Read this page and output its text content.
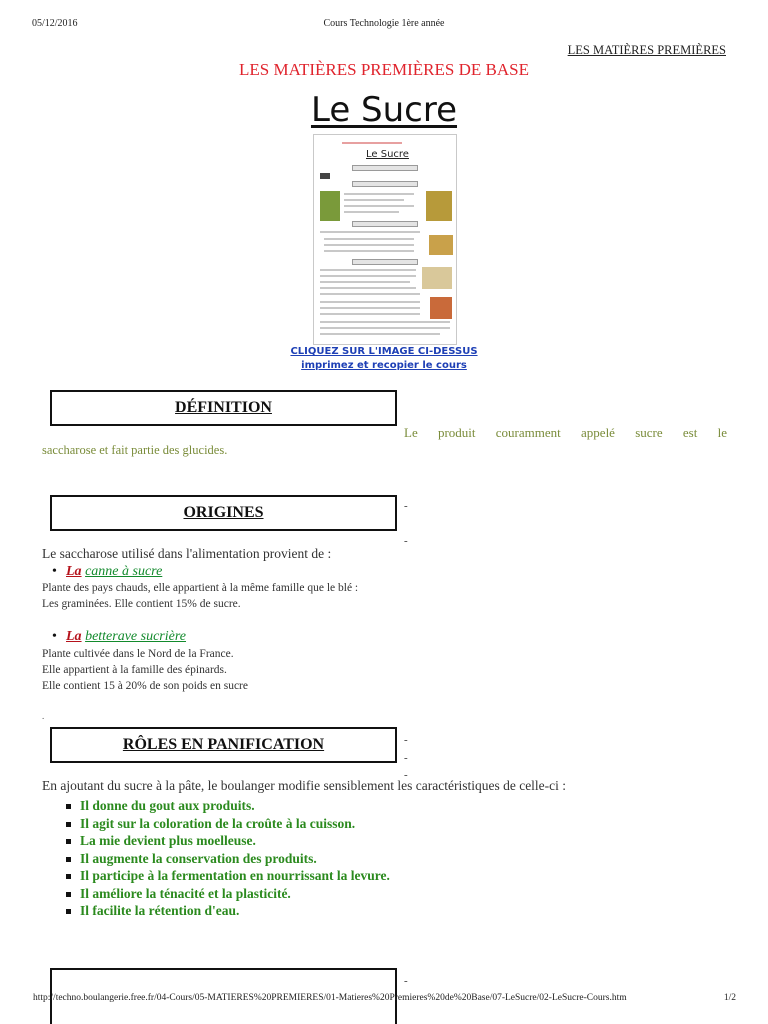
05/12/2016	Cours Technologie 1ère année
LES MATIÈRES PREMIÈRES
LES MATIÈRES PREMIÈRES DE BASE
Le Sucre
Le Sucre
CLIQUEZ SUR L'IMAGE CI-DESSUS
imprimez et recopier le cours
DÉFINITION
Le produit couramment appelé sucre est le
saccharose et fait partie des glucides.
ORIGINES	-
-
Le saccharose utilisé dans l'alimentation provient de :
• La canne à sucre
Plante des pays chauds, elle appartient à la même famille que le blé :
Les graminées. Elle contient 15% de sucre.
• La betterave sucrière
Plante cultivée dans le Nord de la France.
Elle appartient à la famille des épinards.
Elle contient 15 à 20% de son poids en sucre
.
RÔLES EN PANIFICATION	-
-
-
En ajoutant du sucre à la pâte, le boulanger modifie sensiblement les caractéristiques de celle-ci :
Il donne du gout aux produits.
Il agit sur la coloration de la croûte à la cuisson.
La mie devient plus moelleuse.
Il augmente la conservation des produits.
Il participe à la fermentation en nourrissant la levure.
Il améliore la ténacité et la plasticité.
Il facilite la rétention d'eau.
-
http://techno.boulangerie.free.fr/04-Cours/05-MATIERES%20PREMIERES/01-Matieres%20Premieres%20de%20Base/07-LeSucre/02-LeSucre-Cours.htm	1/2
